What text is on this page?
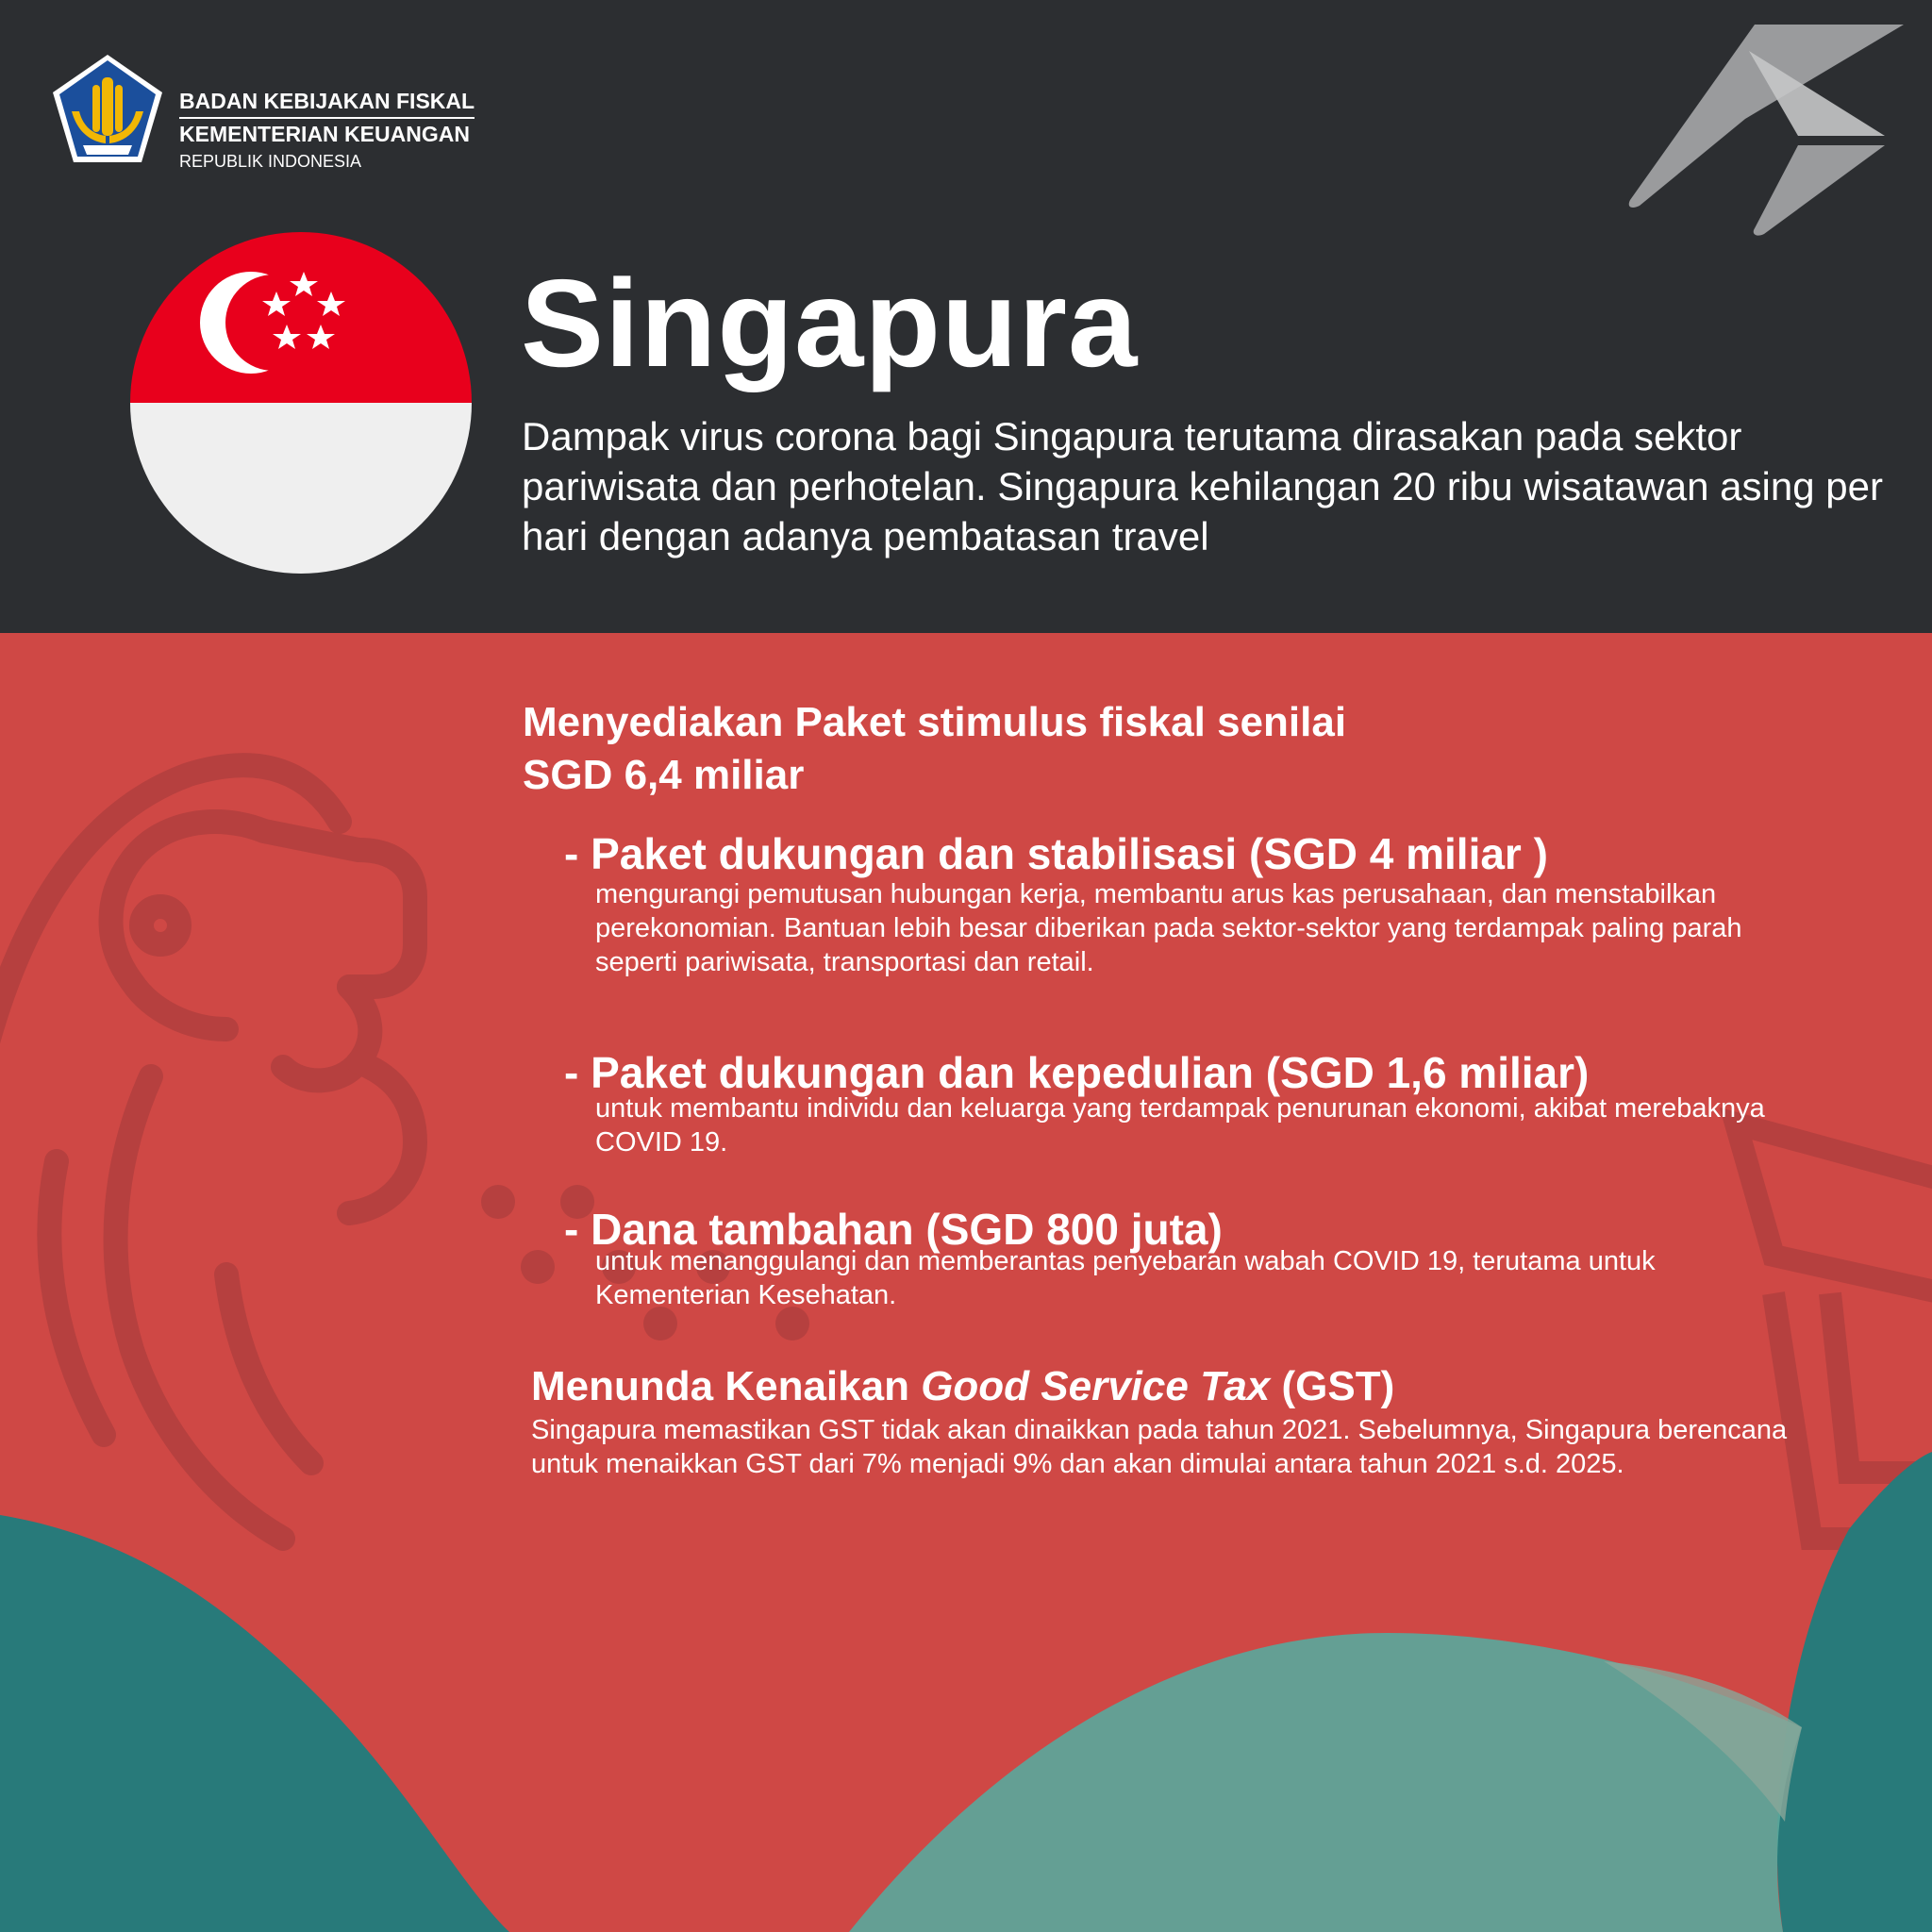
BADAN KEBIJAKAN FISKAL
KEMENTERIAN KEUANGAN
REPUBLIK INDONESIA
Singapura

Dampak virus corona bagi Singapura terutama dirasakan pada sektor pariwisata dan perhotelan. Singapura kehilangan 20 ribu wisatawan asing per hari dengan adanya pembatasan travel

Menyediakan Paket stimulus fiskal senilai
SGD 6,4 miliar
- Paket dukungan dan stabilisasi (SGD 4 miliar )

mengurangi pemutusan hubungan kerja, membantu arus kas perusahaan, dan menstabilkan perekonomian. Bantuan lebih besar diberikan pada sektor-sektor yang terdampak paling parah seperti pariwisata, transportasi dan retail.

- Paket dukungan dan kepedulian (SGD 1,6 miliar)

untuk membantu individu dan keluarga yang terdampak penurunan ekonomi, akibat merebaknya COVID 19.

- Dana tambahan (SGD 800 juta)

untuk menanggulangi dan memberantas penyebaran wabah COVID 19, terutama untuk Kementerian Kesehatan.

Menunda Kenaikan Good Service Tax (GST)

Singapura memastikan GST tidak akan dinaikkan pada tahun 2021. Sebelumnya, Singapura berencana untuk menaikkan GST dari 7% menjadi 9% dan akan dimulai antara tahun 2021 s.d. 2025.
